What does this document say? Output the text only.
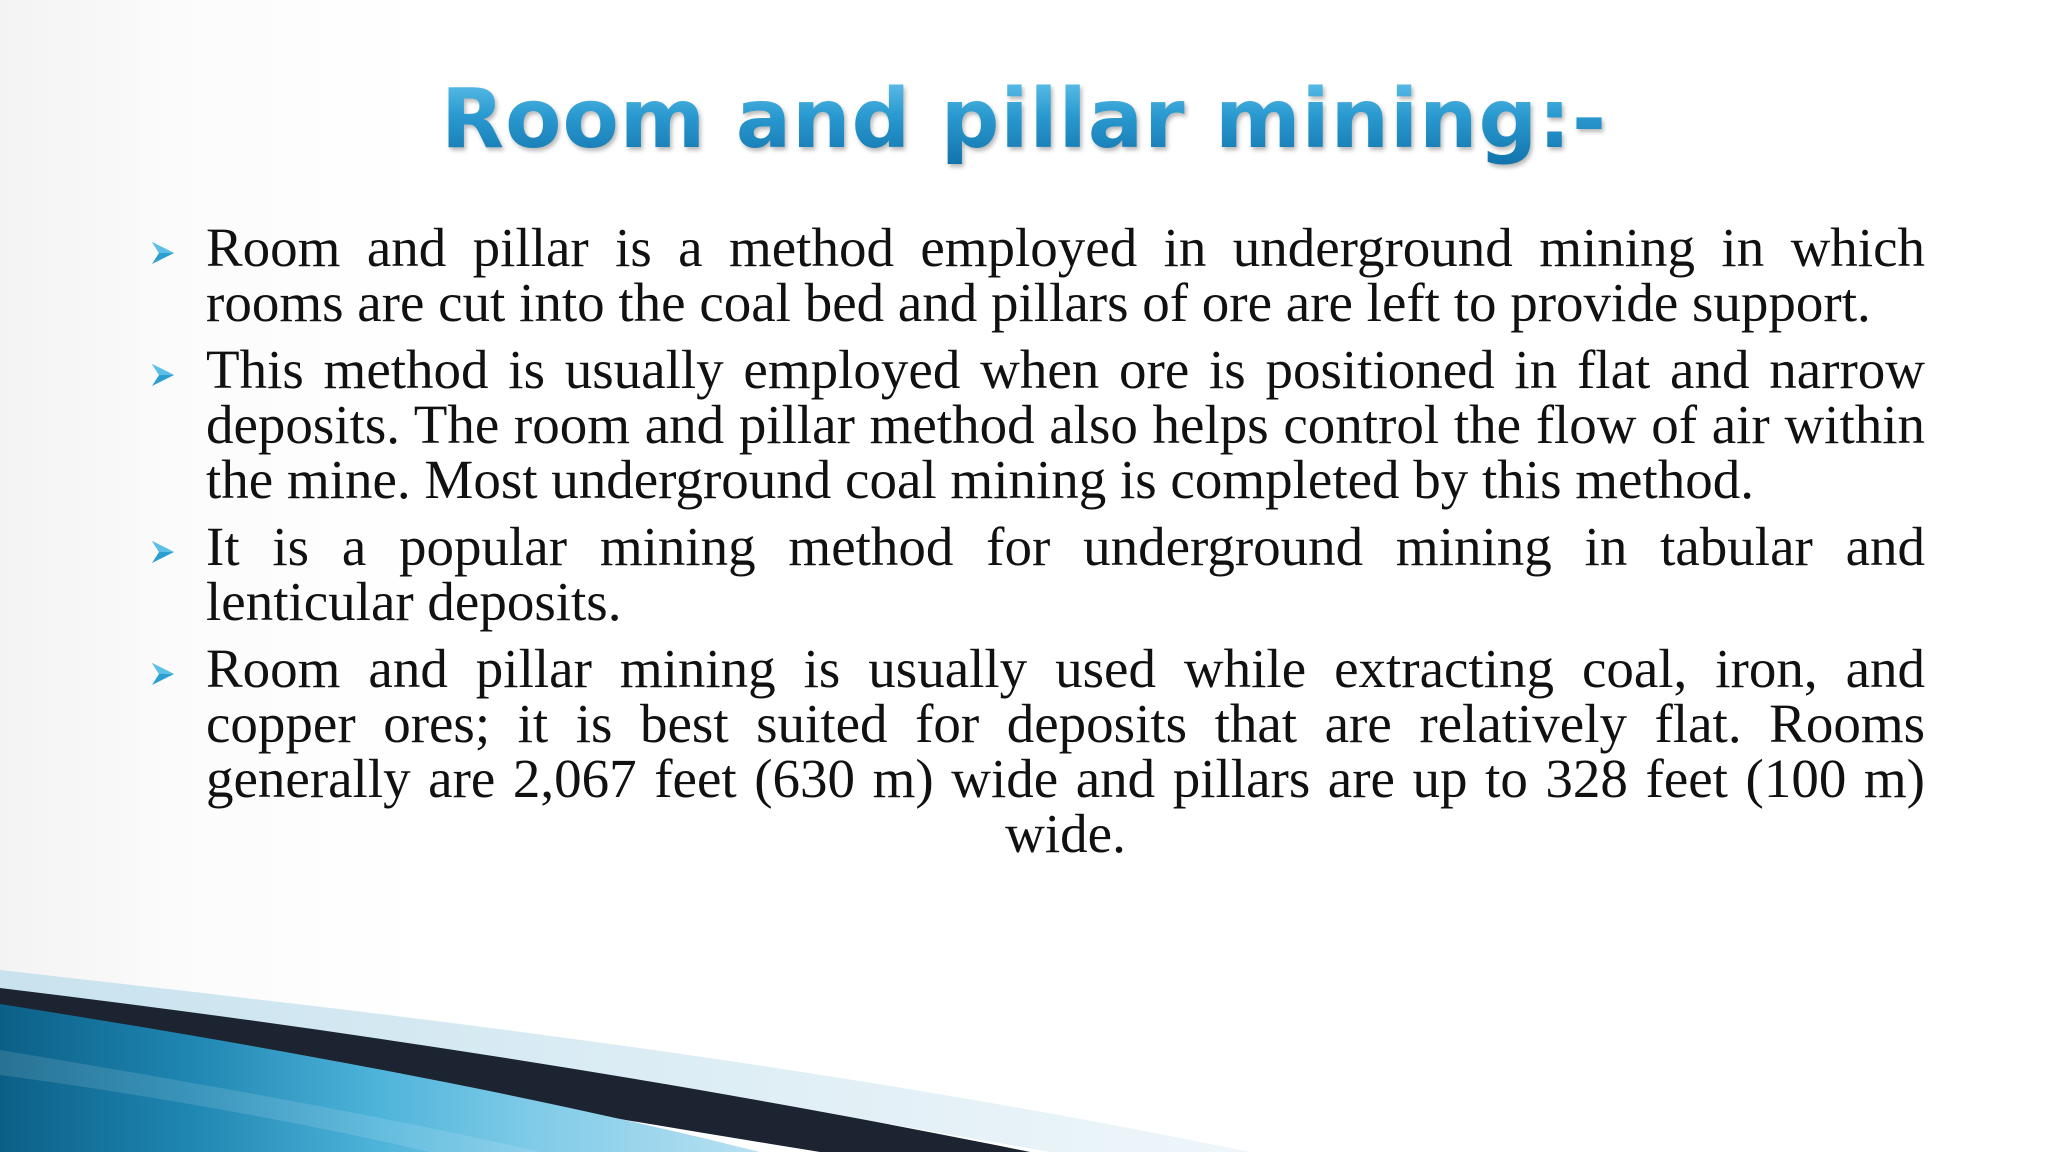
Room and pillar mining:-
Room and pillar is a method employed in underground mining in which rooms are cut into the coal bed and pillars of ore are left to provide support.
This method is usually employed when ore is positioned in flat and narrow deposits. The room and pillar method also helps control the flow of air within the mine. Most underground coal mining is completed by this method.
It is a popular mining method for underground mining in tabular and lenticular deposits.
Room and pillar mining is usually used while extracting coal, iron, and copper ores; it is best suited for deposits that are relatively flat. Rooms generally are 2,067 feet (630 m) wide and pillars are up to 328 feet (100 m) wide.
